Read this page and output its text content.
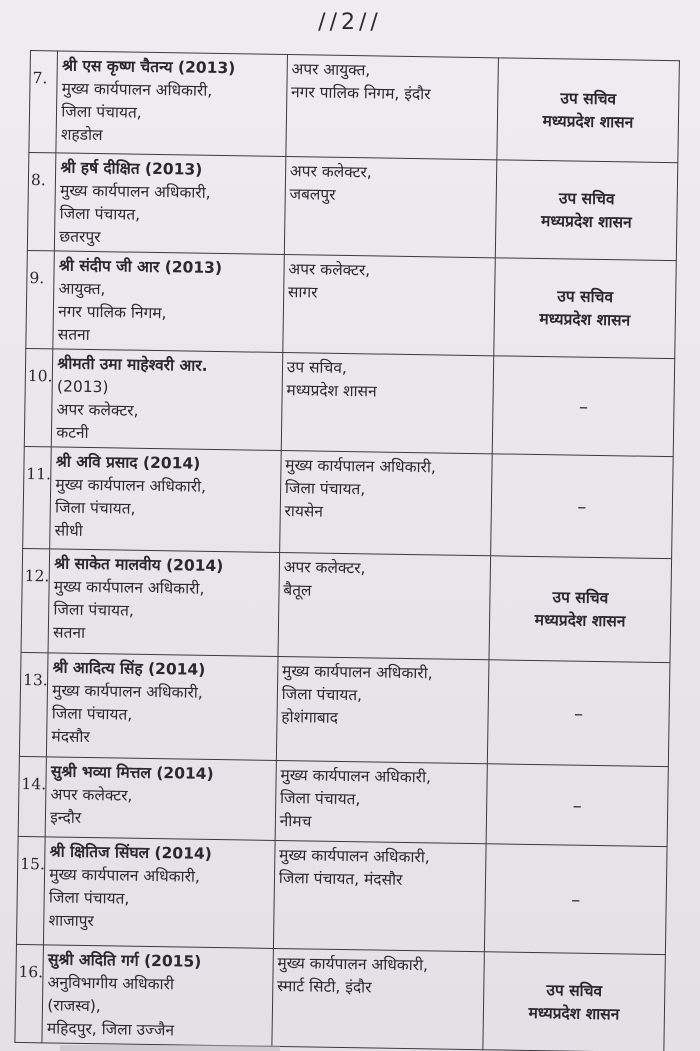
//2//
7.	श्री एस कृष्ण चैतन्य (2013)
मुख्य कार्यपालन अधिकारी,
जिला पंचायत,
शहडोल	अपर आयुक्त,
नगर पालिक निगम, इंदौर	उप सचिव
मध्यप्रदेश शासन

8.	श्री हर्ष दीक्षित (2013)
मुख्य कार्यपालन अधिकारी,
जिला पंचायत,
छतरपुर	अपर कलेक्टर,
जबलपुर	उप सचिव
मध्यप्रदेश शासन

9.	श्री संदीप जी आर (2013)
आयुक्त,
नगर पालिक निगम,
सतना	अपर कलेक्टर,
सागर	उप सचिव
मध्यप्रदेश शासन

10.	श्रीमती उमा माहेश्वरी आर.
(2013)
अपर कलेक्टर,
कटनी	उप सचिव,
मध्यप्रदेश शासन	–

11.	श्री अवि प्रसाद (2014)
मुख्य कार्यपालन अधिकारी,
जिला पंचायत,
सीधी	मुख्य कार्यपालन अधिकारी,
जिला पंचायत,
रायसेन	–

12.	श्री साकेत मालवीय (2014)
मुख्य कार्यपालन अधिकारी,
जिला पंचायत,
सतना	अपर कलेक्टर,
बैतूल	उप सचिव
मध्यप्रदेश शासन

13.	श्री आदित्य सिंह (2014)
मुख्य कार्यपालन अधिकारी,
जिला पंचायत,
मंदसौर	मुख्य कार्यपालन अधिकारी,
जिला पंचायत,
होशंगाबाद	–

14.	सुश्री भव्या मित्तल (2014)
अपर कलेक्टर,
इन्दौर	मुख्य कार्यपालन अधिकारी,
जिला पंचायत,
नीमच	–

15.	श्री क्षितिज सिंघल (2014)
मुख्य कार्यपालन अधिकारी,
जिला पंचायत,
शाजापुर	मुख्य कार्यपालन अधिकारी,
जिला पंचायत, मंदसौर	–

16.	सुश्री अदिति गर्ग (2015)
अनुविभागीय अधिकारी
(राजस्व),
महिदपुर, जिला उज्जैन	मुख्य कार्यपालन अधिकारी,
स्मार्ट सिटी, इंदौर	उप सचिव
मध्यप्रदेश शासन
